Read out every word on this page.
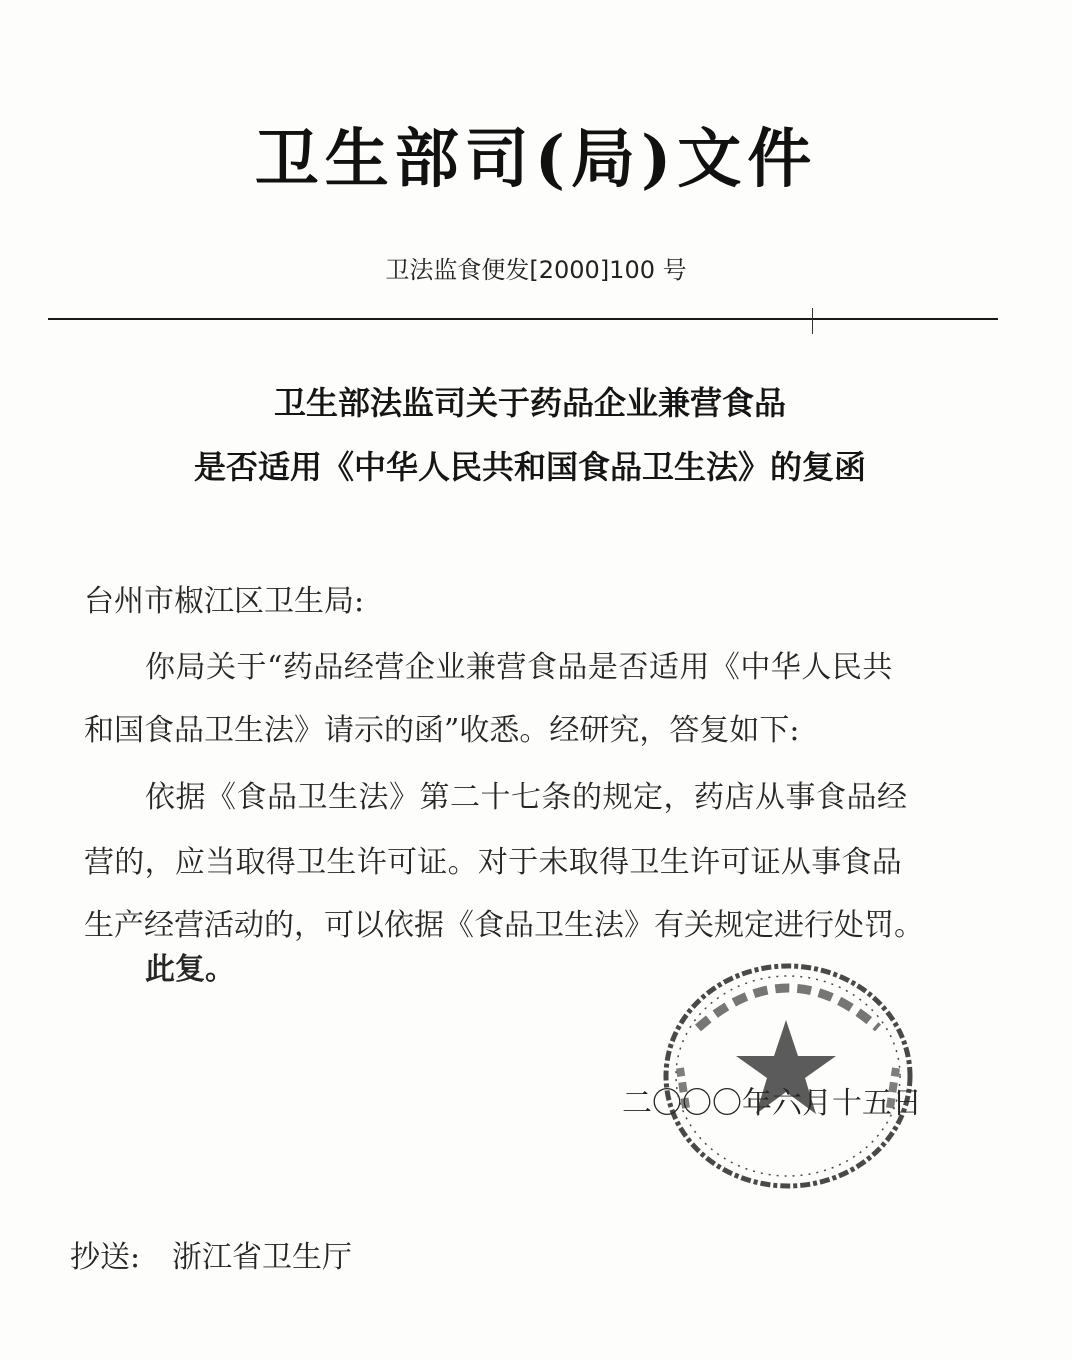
卫生部司(局)文件
卫法监食便发[2000]100 号
卫生部法监司关于药品企业兼营食品
是否适用《中华人民共和国食品卫生法》的复函
台州市椒江区卫生局:
你局关于“药品经营企业兼营食品是否适用《中华人民共
和国食品卫生法》请示的函”收悉。经研究，答复如下:
依据《食品卫生法》第二十七条的规定，药店从事食品经
营的，应当取得卫生许可证。对于未取得卫生许可证从事食品
生产经营活动的，可以依据《食品卫生法》有关规定进行处罚。
此复。
二〇〇〇年六月十五日
抄送: 浙江省卫生厅
